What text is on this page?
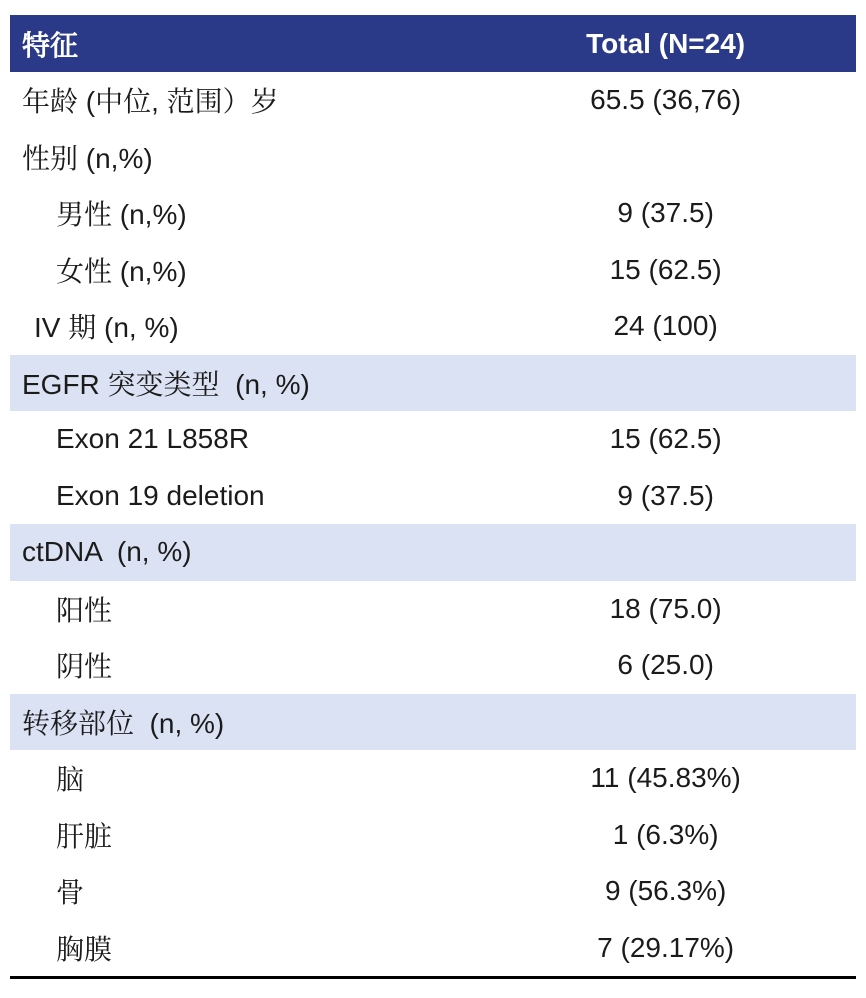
特征	Total (N=24)
年龄 (中位, 范围）岁	65.5 (36,76)
性别 (n,%)
男性 (n,%)	9 (37.5)
女性 (n,%)	15 (62.5)
IV 期 (n, %)	24 (100)
EGFR 突变类型  (n, %)
Exon 21 L858R	15 (62.5)
Exon 19 deletion	9 (37.5)
ctDNA  (n, %)
阳性	18 (75.0)
阴性	6 (25.0)
转移部位  (n, %)
脑	11 (45.83%)
肝脏	1 (6.3%)
骨	9 (56.3%)
胸膜	7 (29.17%)
